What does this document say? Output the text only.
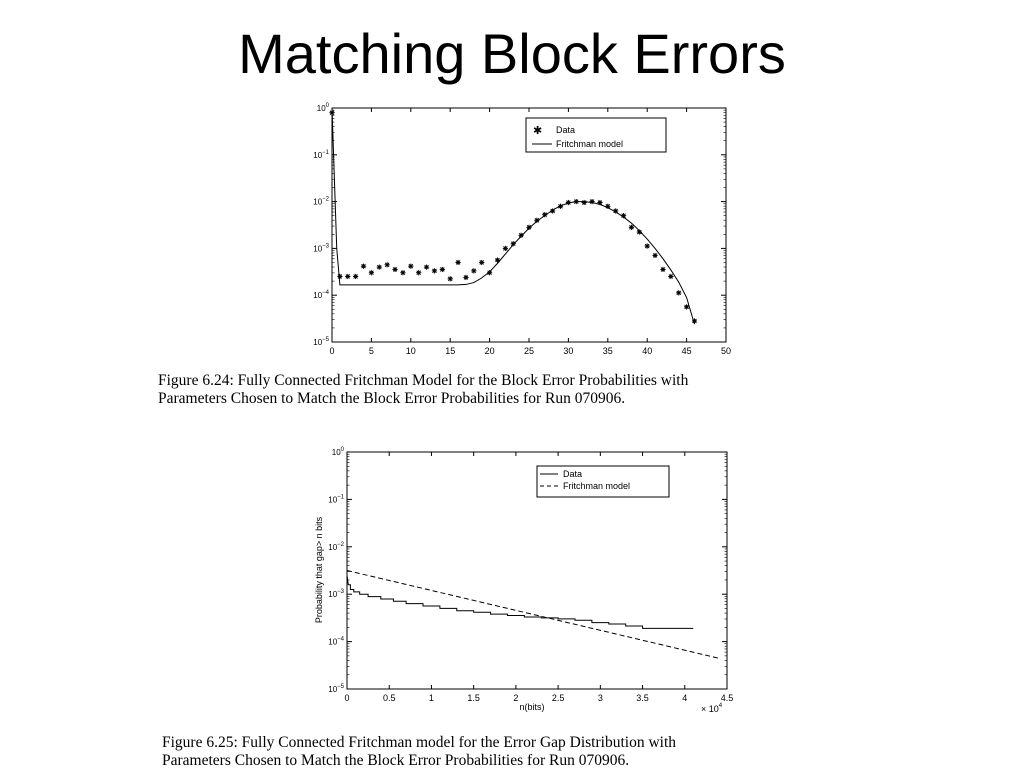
Matching Block Errors
0	5	10	15	20	25	30	35	40	45	50
$10^0$
$10^{-1}$
$10^{-2}$
$10^{-3}$
$10^{-4}$
$10^{-5}$
✱ Data
Fritchman model
Figure 6.24: Fully Connected Fritchman Model for the Block Error Probabilities with
Parameters Chosen to Match the Block Error Probabilities for Run 070906.
0	0.5	1	1.5	2	2.5	3	3.5	4	4.5
$10^0$
$10^{-1}$
$10^{-2}$
$10^{-3}$
$10^{-4}$
$10^{-5}$
n(bits)
Probability that gap> n bits
× $10^4$
Data
Fritchman model
Figure 6.25: Fully Connected Fritchman model for the Error Gap Distribution with
Parameters Chosen to Match the Block Error Probabilities for Run 070906.
